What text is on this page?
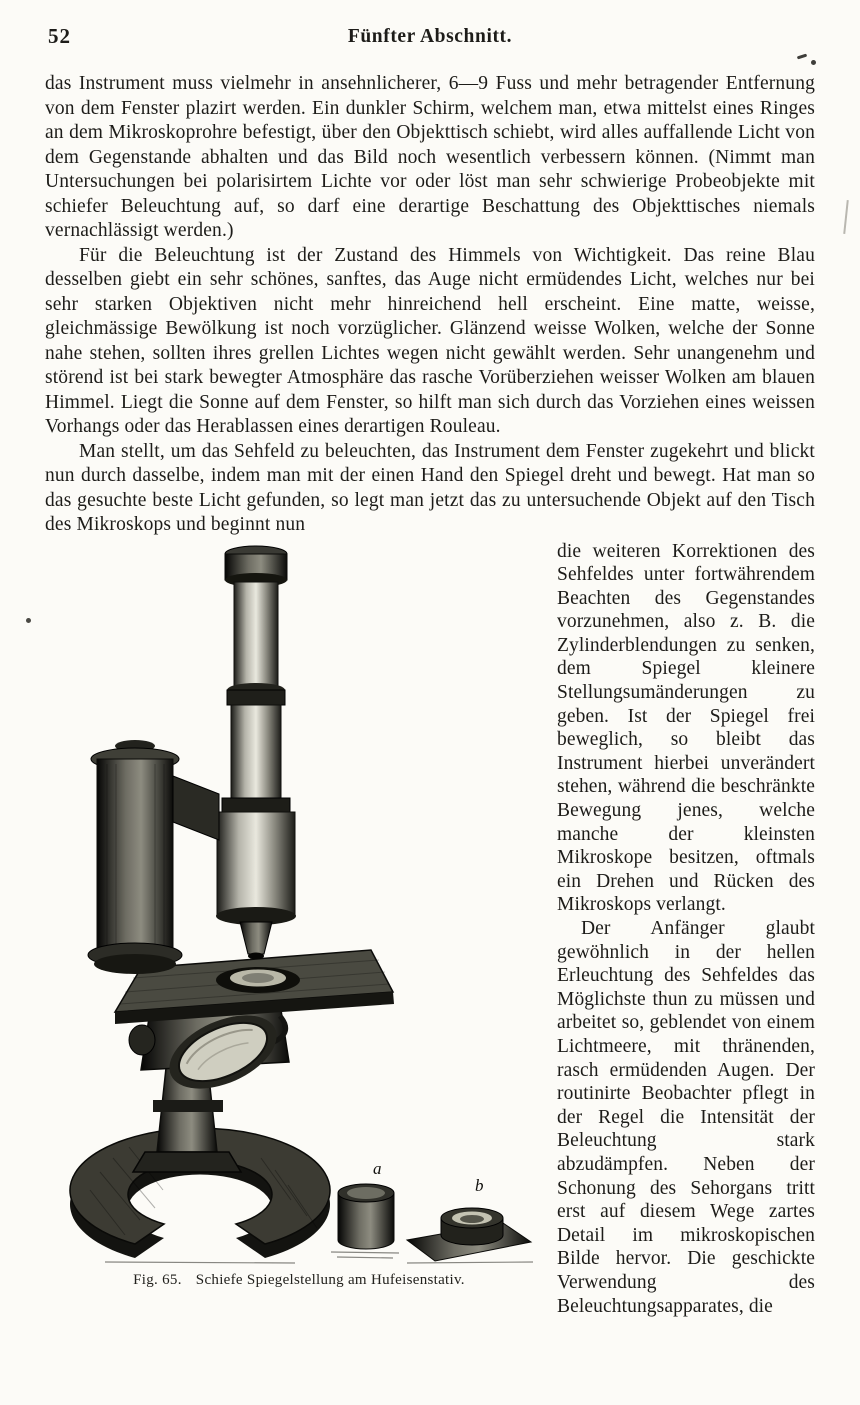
52	Fünfter Abschnitt.

das Instrument muss vielmehr in ansehnlicherer, 6—9 Fuss und mehr betragender Entfernung von dem Fenster plazirt werden. Ein dunkler Schirm, welchem man, etwa mittelst eines Ringes an dem Mikroskoprohre befestigt, über den Objekttisch schiebt, wird alles auffallende Licht von dem Gegenstande abhalten und das Bild noch wesentlich verbessern können. (Nimmt man Untersuchungen bei polarisirtem Lichte vor oder löst man sehr schwierige Probeobjekte mit schiefer Beleuchtung auf, so darf eine derartige Beschattung des Objekttisches niemals vernachlässigt werden.)

Für die Beleuchtung ist der Zustand des Himmels von Wichtigkeit. Das reine Blau desselben giebt ein sehr schönes, sanftes, das Auge nicht ermüdendes Licht, welches nur bei sehr starken Objektiven nicht mehr hinreichend hell erscheint. Eine matte, weisse, gleichmässige Bewölkung ist noch vorzüglicher. Glänzend weisse Wolken, welche der Sonne nahe stehen, sollten ihres grellen Lichtes wegen nicht gewählt werden. Sehr unangenehm und störend ist bei stark bewegter Atmosphäre das rasche Vorüberziehen weisser Wolken am blauen Himmel. Liegt die Sonne auf dem Fenster, so hilft man sich durch das Vorziehen eines weissen Vorhangs oder das Herablassen eines derartigen Rouleau.

Man stellt, um das Sehfeld zu beleuchten, das Instrument dem Fenster zugekehrt und blickt nun durch dasselbe, indem man mit der einen Hand den Spiegel dreht und bewegt. Hat man so das gesuchte beste Licht gefunden, so legt man jetzt das zu untersuchende Objekt auf den Tisch des Mikroskops und beginnt nun

a
b
Fig. 65. Schiefe Spiegelstellung am Hufeisenstativ.

die weiteren Korrektionen des Sehfeldes unter fortwährendem Beachten des Gegenstandes vorzunehmen, also z. B. die Zylinderblendungen zu senken, dem Spiegel kleinere Stellungsumänderungen zu geben. Ist der Spiegel frei beweglich, so bleibt das Instrument hierbei unverändert stehen, während die beschränkte Bewegung jenes, welche manche der kleinsten Mikroskope besitzen, oftmals ein Drehen und Rücken des Mikroskops verlangt.

Der Anfänger glaubt gewöhnlich in der hellen Erleuchtung des Sehfeldes das Möglichste thun zu müssen und arbeitet so, geblendet von einem Lichtmeere, mit thränenden, rasch ermüdenden Augen. Der routinirte Beobachter pflegt in der Regel die Intensität der Beleuchtung stark abzudämpfen. Neben der Schonung des Sehorgans tritt erst auf diesem Wege zartes Detail im mikroskopischen Bilde hervor. Die geschickte Verwendung des Beleuchtungsapparates, die
